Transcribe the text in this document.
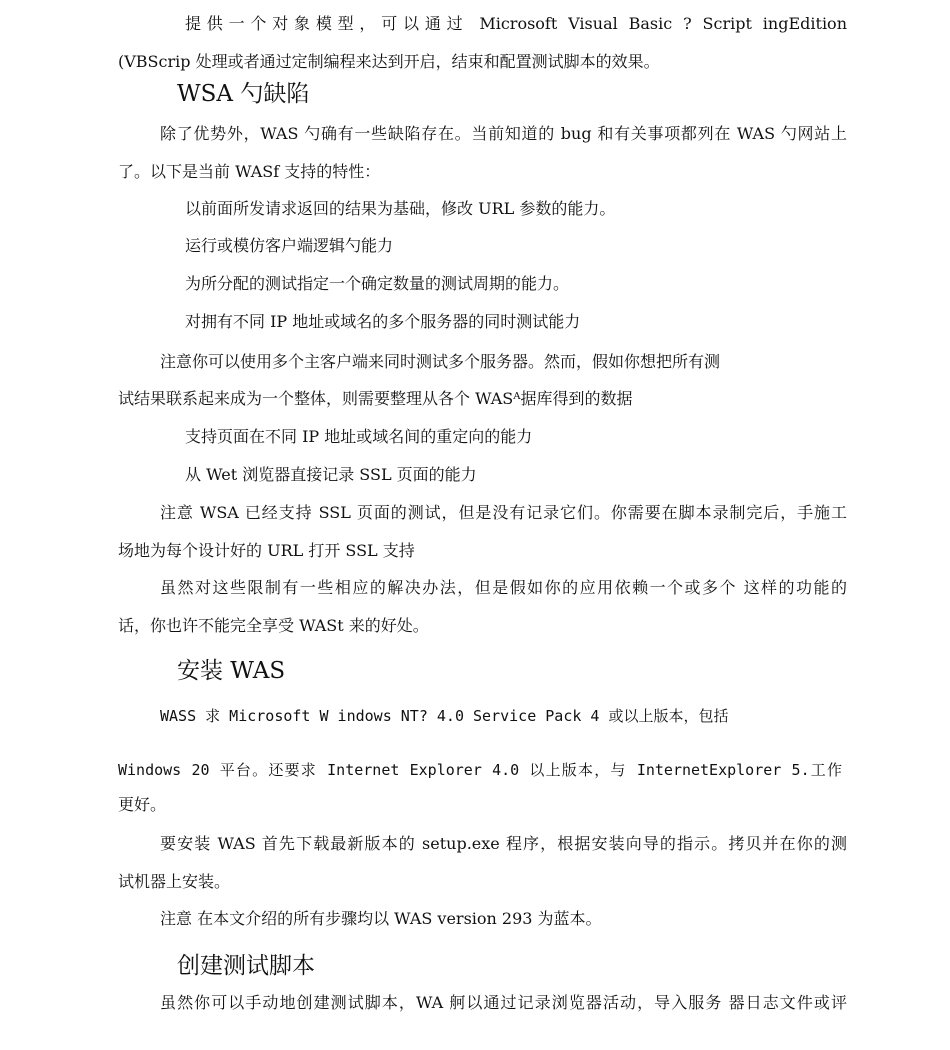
提供一个对象模型，可以通过 Microsoft Visual Basic ? Script ingEdition
(VBScrip 处理或者通过定制编程来达到开启，结束和配置测试脚本的效果。
WSA 勺缺陷
除了优势外，WAS 勺确有一些缺陷存在。当前知道的 bug 和有关事项都列在 WAS 勺网站上
了。以下是当前 WASf 支持的特性：
以前面所发请求返回的结果为基础，修改 URL 参数的能力。
运行或模仿客户端逻辑勺能力
为所分配的测试指定一个确定数量的测试周期的能力。
对拥有不同 IP 地址或域名的多个服务器的同时测试能力
注意你可以使用多个主客户端来同时测试多个服务器。然而，假如你想把所有测
试结果联系起来成为一个整体，则需要整理从各个 WASᴬ据库得到的数据
支持页面在不同 IP 地址或域名间的重定向的能力
从 Wet 浏览器直接记录 SSL 页面的能力
注意 WSA 已经支持 SSL 页面的测试，但是没有记录它们。你需要在脚本录制完后，手施工
场地为每个设计好的 URL 打开 SSL 支持
虽然对这些限制有一些相应的解决办法，但是假如你的应用依赖一个或多个 这样的功能的
话，你也许不能完全享受 WASt 来的好处。
安装 WAS
WASS 求 Microsoft W indows NT? 4.0 Service Pack 4 或以上版本，包括
Windows 20 平台。还要求 Internet Explorer 4.0 以上版本，与 InternetExplorer 5.工作
更好。
要安装 WAS 首先下载最新版本的 setup.exe 程序，根据安装向导的指示。拷贝并在你的测
试机器上安装。
注意 在本文介绍的所有步骤均以 WAS version 293 为蓝本。
创建测试脚本
虽然你可以手动地创建测试脚本，WA 舸以通过记录浏览器活动，导入服务 器日志文件或评
